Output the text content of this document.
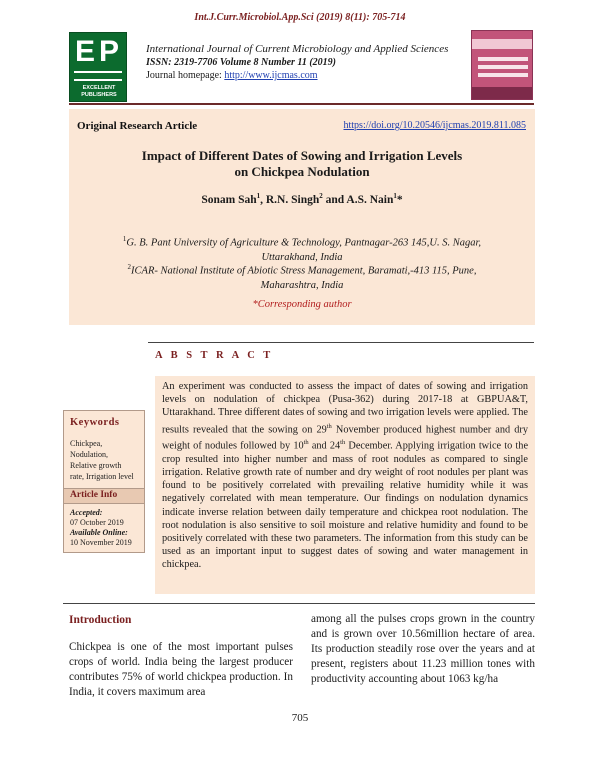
Int.J.Curr.Microbiol.App.Sci (2019) 8(11): 705-714
E P
EXCELLENT
PUBLISHERS
International Journal of Current Microbiology and Applied Sciences
ISSN: 2319-7706 Volume 8 Number 11 (2019)
Journal homepage: http://www.ijcmas.com
Original Research Article	https://doi.org/10.20546/ijcmas.2019.811.085
Impact of Different Dates of Sowing and Irrigation Levels
on Chickpea Nodulation
Sonam Sah$^1$, R.N. Singh$^2$ and A.S. Nain$^1$*
$^1$G. B. Pant University of Agriculture & Technology, Pantnagar-263 145,U. S. Nagar,
Uttarakhand, India
$^2$ICAR- National Institute of Abiotic Stress Management, Baramati,-413 115, Pune,
Maharashtra, India
*Corresponding author
A B S T R A C T
An experiment was conducted to assess the impact of dates of sowing and irrigation levels on nodulation of chickpea (Pusa-362) during 2017-18 at GBPUA&T, Uttarakhand. Three different dates of sowing and two irrigation levels were applied. The results revealed that the sowing on 29th November produced highest number and dry weight of nodules followed by 10th and 24th December. Applying irrigation twice to the crop resulted into higher number and mass of root nodules as compared to single irrigation. Relative growth rate of number and dry weight of root nodules per plant was found to be positively correlated with prevailing relative humidity while it was negatively correlated with mean temperature. Our findings on nodulation dynamics indicate inverse relation between daily temperature and chickpea root nodulation. The root nodulation is also sensitive to soil moisture and relative humidity and found to be positively correlated with these two parameters. The information from this study can be used as an important input to suggest dates of sowing and water management in chickpea.
Keywords
Chickpea,
Nodulation,
Relative growth
rate, Irrigation level
Article Info
Accepted:
07 October 2019
Available Online:
10 November 2019
Introduction
Chickpea is one of the most important pulses crops of world. India being the largest producer contributes 75% of world chickpea production. In India, it covers maximum area
among all the pulses crops grown in the country and is grown over 10.56million hectare of area. Its production steadily rose over the years and at present, registers about 11.23 million tones with productivity accounting about 1063 kg/ha
705
